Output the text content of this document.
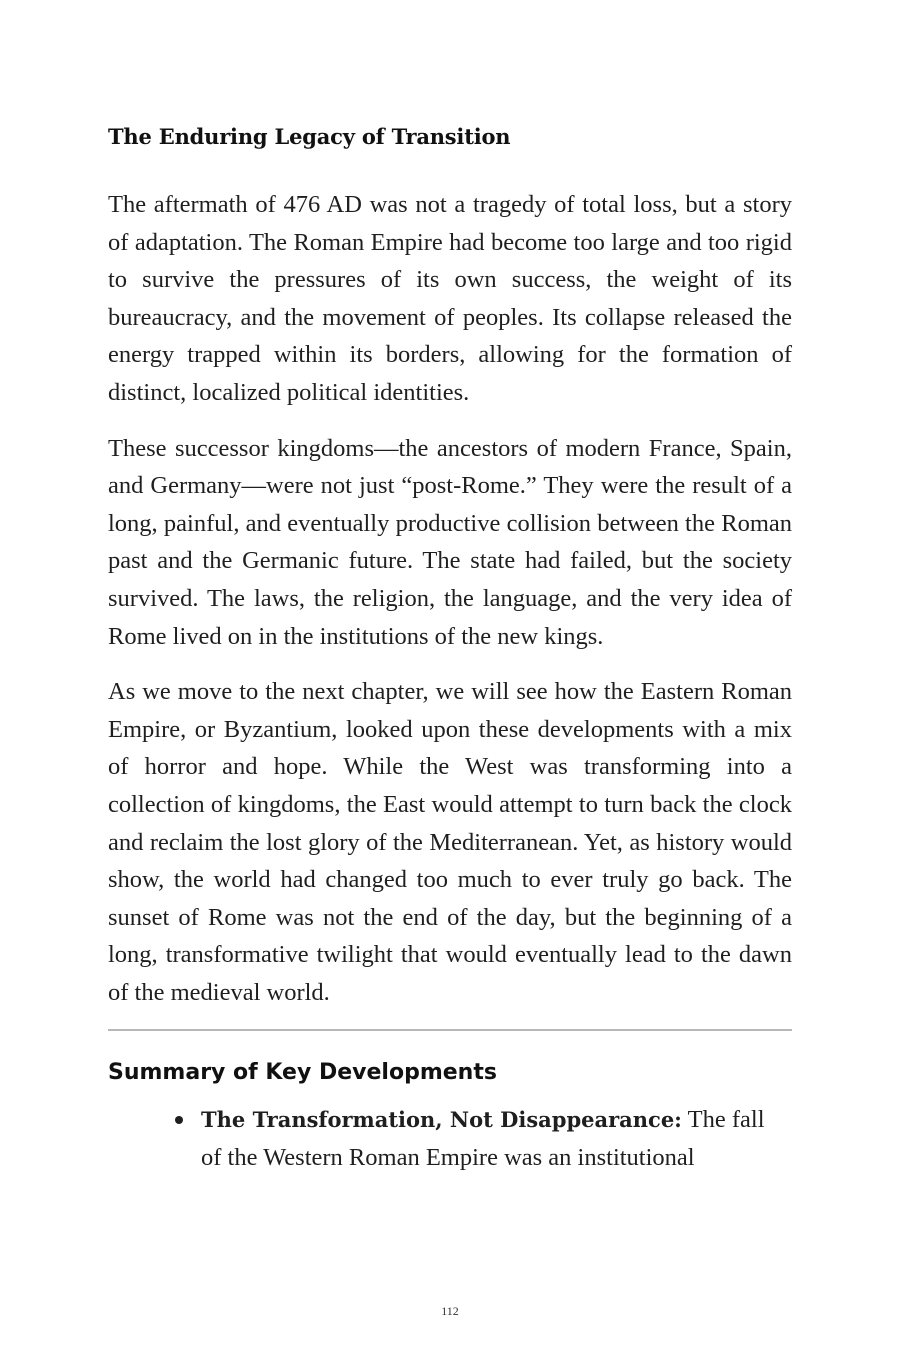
The Enduring Legacy of Transition

The aftermath of 476 AD was not a tragedy of total loss, but a story of adaptation. The Roman Empire had become too large and too rigid to survive the pressures of its own success, the weight of its bureaucracy, and the movement of peoples. Its collapse released the energy trapped within its borders, allowing for the formation of distinct, localized political identities.

These successor kingdoms—the ancestors of modern France, Spain, and Germany—were not just “post-Rome.” They were the result of a long, painful, and eventually productive collision between the Roman past and the Germanic future. The state had failed, but the society survived. The laws, the religion, the language, and the very idea of Rome lived on in the institutions of the new kings.

As we move to the next chapter, we will see how the Eastern Roman Empire, or Byzantium, looked upon these developments with a mix of horror and hope. While the West was transforming into a collection of kingdoms, the East would attempt to turn back the clock and reclaim the lost glory of the Mediterranean. Yet, as history would show, the world had changed too much to ever truly go back. The sunset of Rome was not the end of the day, but the beginning of a long, transformative twilight that would eventually lead to the dawn of the medieval world.

Summary of Key Developments
The Transformation, Not Disappearance: The fall of the Western Roman Empire was an institutional
112
